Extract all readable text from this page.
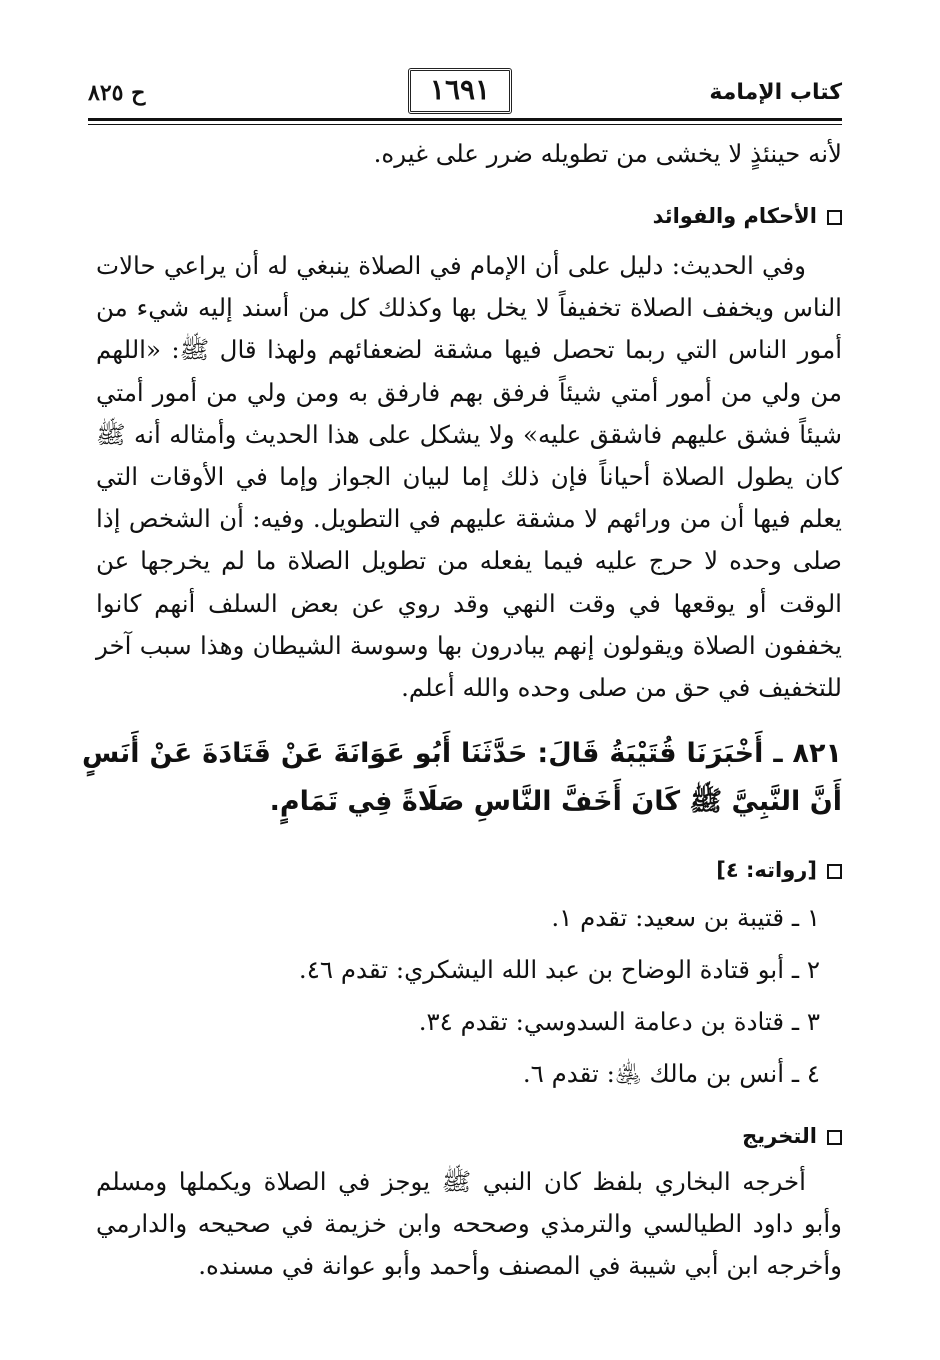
كتاب الإمامة
١٦٩١
ح ٨٢٥
لأنه حينئذٍ لا يخشى من تطويله ضرر على غيره.
الأحكام والفوائد
وفي الحديث: دليل على أن الإمام في الصلاة ينبغي له أن يراعي حالات الناس ويخفف الصلاة تخفيفاً لا يخل بها وكذلك كل من أسند إليه شيء من أمور الناس التي ربما تحصل فيها مشقة لضعفائهم ولهذا قال ﷺ: «اللهم من ولي من أمور أمتي شيئاً فرفق بهم فارفق به ومن ولي من أمور أمتي شيئاً فشق عليهم فاشقق عليه» ولا يشكل على هذا الحديث وأمثاله أنه ﷺ كان يطول الصلاة أحياناً فإن ذلك إما لبيان الجواز وإما في الأوقات التي يعلم فيها أن من ورائهم لا مشقة عليهم في التطويل. وفيه: أن الشخص إذا صلى وحده لا حرج عليه فيما يفعله من تطويل الصلاة ما لم يخرجها عن الوقت أو يوقعها في وقت النهي وقد روي عن بعض السلف أنهم كانوا يخففون الصلاة ويقولون إنهم يبادرون بها وسوسة الشيطان وهذا سبب آخر للتخفيف في حق من صلى وحده والله أعلم.
٨٢١ ـ أَخْبَرَنَا قُتَيْبَةُ قَالَ: حَدَّثَنَا أَبُو عَوَانَةَ عَنْ قَتَادَةَ عَنْ أَنَسٍ أَنَّ النَّبِيَّ ﷺ كَانَ أَخَفَّ النَّاسِ صَلَاةً فِي تَمَامٍ.
[رواته: ٤]
١ ـ قتيبة بن سعيد: تقدم ١.
٢ ـ أبو قتادة الوضاح بن عبد الله اليشكري: تقدم ٤٦.
٣ ـ قتادة بن دعامة السدوسي: تقدم ٣٤.
٤ ـ أنس بن مالك ﵁: تقدم ٦.
التخريج
أخرجه البخاري بلفظ كان النبي ﷺ يوجز في الصلاة ويكملها ومسلم وأبو داود الطيالسي والترمذي وصححه وابن خزيمة في صحيحه والدارمي وأخرجه ابن أبي شيبة في المصنف وأحمد وأبو عوانة في مسنده.
